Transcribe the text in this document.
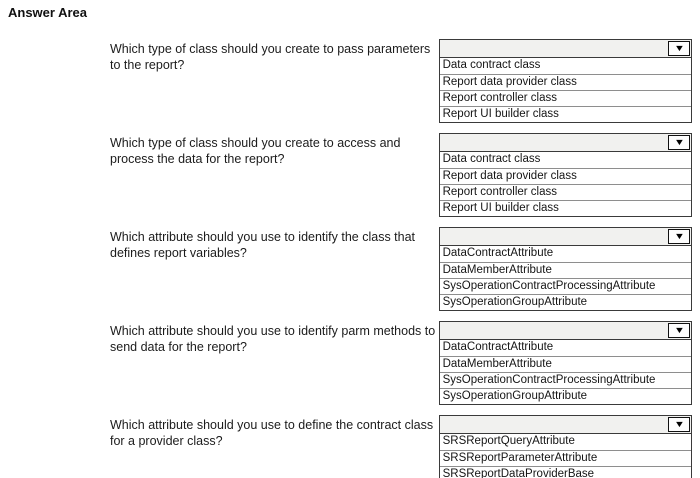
Answer Area
Which type of class should you create to pass parameters to the report?
▼
Data contract class
Report data provider class
Report controller class
Report UI builder class
Which type of class should you create to access and process the data for the report?
▼
Data contract class
Report data provider class
Report controller class
Report UI builder class
Which attribute should you use to identify the class that defines report variables?
▼
DataContractAttribute
DataMemberAttribute
SysOperationContractProcessingAttribute
SysOperationGroupAttribute
Which attribute should you use to identify parm methods to send data for the report?
▼
DataContractAttribute
DataMemberAttribute
SysOperationContractProcessingAttribute
SysOperationGroupAttribute
Which attribute should you use to define the contract class for a provider class?
▼
SRSReportQueryAttribute
SRSReportParameterAttribute
SRSReportDataProviderBase
